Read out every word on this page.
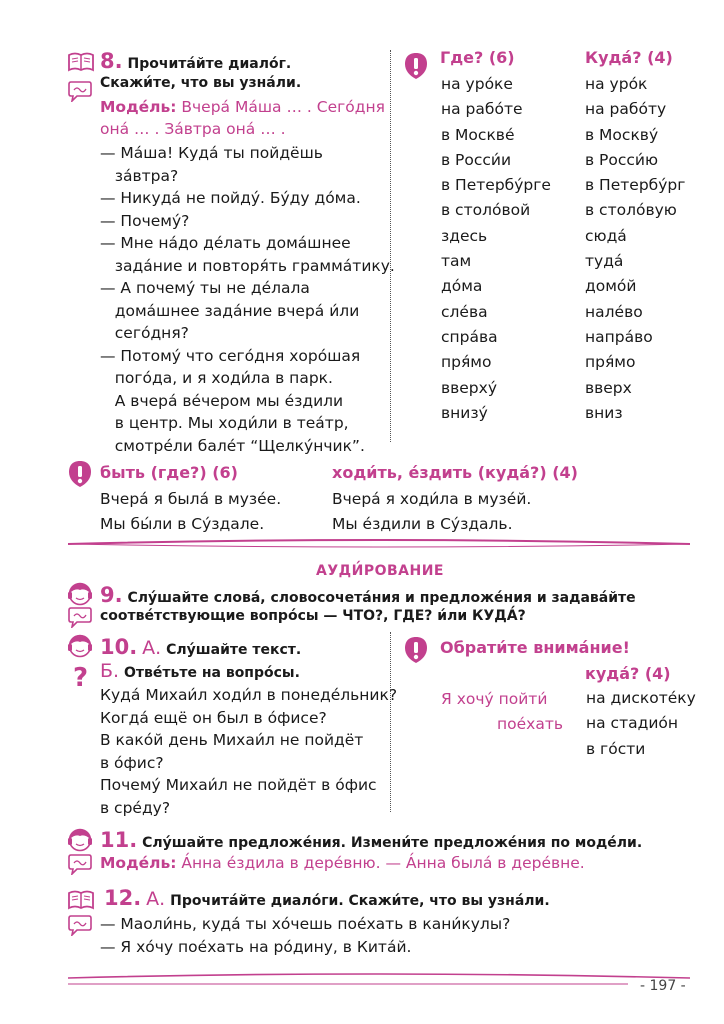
8. Прочита́йте диало́г.
Скажи́те, что вы узна́ли.
Моде́ль: Вчера́ Ма́ша … . Сего́дня
она́ … . За́втра она́ … .
— Ма́ша! Куда́ ты пойдёшь
за́втра?
— Никуда́ не пойду́. Бу́ду до́ма.
— Почему́?
— Мне на́до де́лать дома́шнее
зада́ние и повторя́ть грамма́тику.
— А почему́ ты не де́лала
дома́шнее зада́ние вчера́ и́ли
сего́дня?
— Потому́ что сего́дня хоро́шая
пого́да, и я ходи́ла в парк.
А вчера́ ве́чером мы е́здили
в центр. Мы ходи́ли в теа́тр,
смотре́ли бале́т “Щелку́нчик”.
Где? (6)	Куда́? (4)
на уро́ке
на рабо́те
в Москве́
в Росси́и
в Петербу́рге
в столо́вой
здесь
там
до́ма
сле́ва
спра́ва
пря́мо
вверху́
внизу́
на уро́к
на рабо́ту
в Москву́
в Росси́ю
в Петербу́рг
в столо́вую
сюда́
туда́
домо́й
нале́во
напра́во
пря́мо
вверх
вниз
быть (где?) (6)
Вчера́ я была́ в музе́е.
Мы бы́ли в Су́здале.
ходи́ть, е́здить (куда́?) (4)
Вчера́ я ходи́ла в музе́й.
Мы е́здили в Су́здаль.
АУДИ́РОВАНИЕ
9. Слу́шайте слова́, словосочета́ния и предложе́ния и задава́йте
соотве́тствующие вопро́сы — ЧТО?, ГДЕ? и́ли КУДА́?
?
10. А. Слу́шайте текст.
Б. Отве́тьте на вопро́сы.
Куда́ Михаи́л ходи́л в понеде́льник?
Когда́ ещё он был в о́фисе?
В како́й день Михаи́л не пойдёт
в о́фис?
Почему́ Михаи́л не пойдёт в о́фис
в сре́ду?
Обрати́те внима́ние!
куда́? (4)
Я хочу́ пойти́
пое́хать
на дискоте́ку
на стадио́н
в го́сти
11. Слу́шайте предложе́ния. Измени́те предложе́ния по моде́ли.
Моде́ль: А́нна е́здила в дере́вню. — А́нна была́ в дере́вне.
12. А. Прочита́йте диало́ги. Скажи́те, что вы узна́ли.
— Маоли́нь, куда́ ты хо́чешь пое́хать в кани́кулы?
— Я хо́чу пое́хать на ро́дину, в Кита́й.
- 197 -
